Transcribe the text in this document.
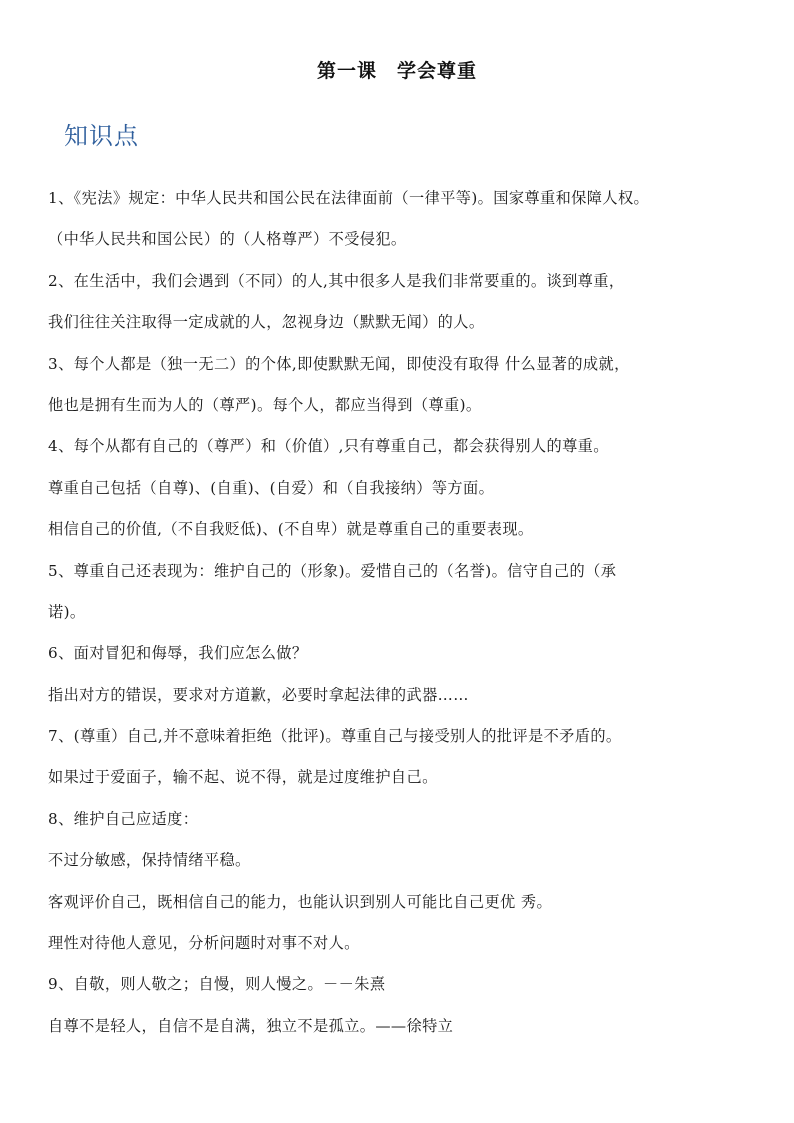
第一课　学会尊重
知识点
1、《宪法》规定：中华人民共和国公民在法律面前（一律平等)。国家尊重和保障人权。
（中华人民共和国公民）的（人格尊严）不受侵犯。
2、在生活中，我们会遇到（不同）的人,其中很多人是我们非常要重的。谈到尊重，
我们往往关注取得一定成就的人，忽视身边（默默无闻）的人。
3、每个人都是（独一无二）的个体,即使默默无闻，即使没有取得 什么显著的成就，
他也是拥有生而为人的（尊严)。每个人，都应当得到（尊重)。
4、每个从都有自己的（尊严）和（价值）,只有尊重自己，都会获得别人的尊重。
尊重自己包括（自尊)、(自重)、(自爱）和（自我接纳）等方面。
相信自己的价值,（不自我贬低)、(不自卑）就是尊重自己的重要表现。
5、尊重自己还表现为：维护自己的（形象)。爱惜自己的（名誉)。信守自己的（承
诺)。
6、面对冒犯和侮辱，我们应怎么做？
指出对方的错误，要求对方道歉，必要时拿起法律的武器……
7、(尊重）自己,并不意味着拒绝（批评)。尊重自己与接受别人的批评是不矛盾的。
如果过于爱面子，输不起、说不得，就是过度维护自己。
8、维护自己应适度：
不过分敏感，保持情绪平稳。
客观评价自己，既相信自己的能力，也能认识到别人可能比自己更优 秀。
理性对待他人意见，分析问题时对事不对人。
9、自敬，则人敬之；自慢，则人慢之。－－朱熹
自尊不是轻人，自信不是自满，独立不是孤立。——徐特立
